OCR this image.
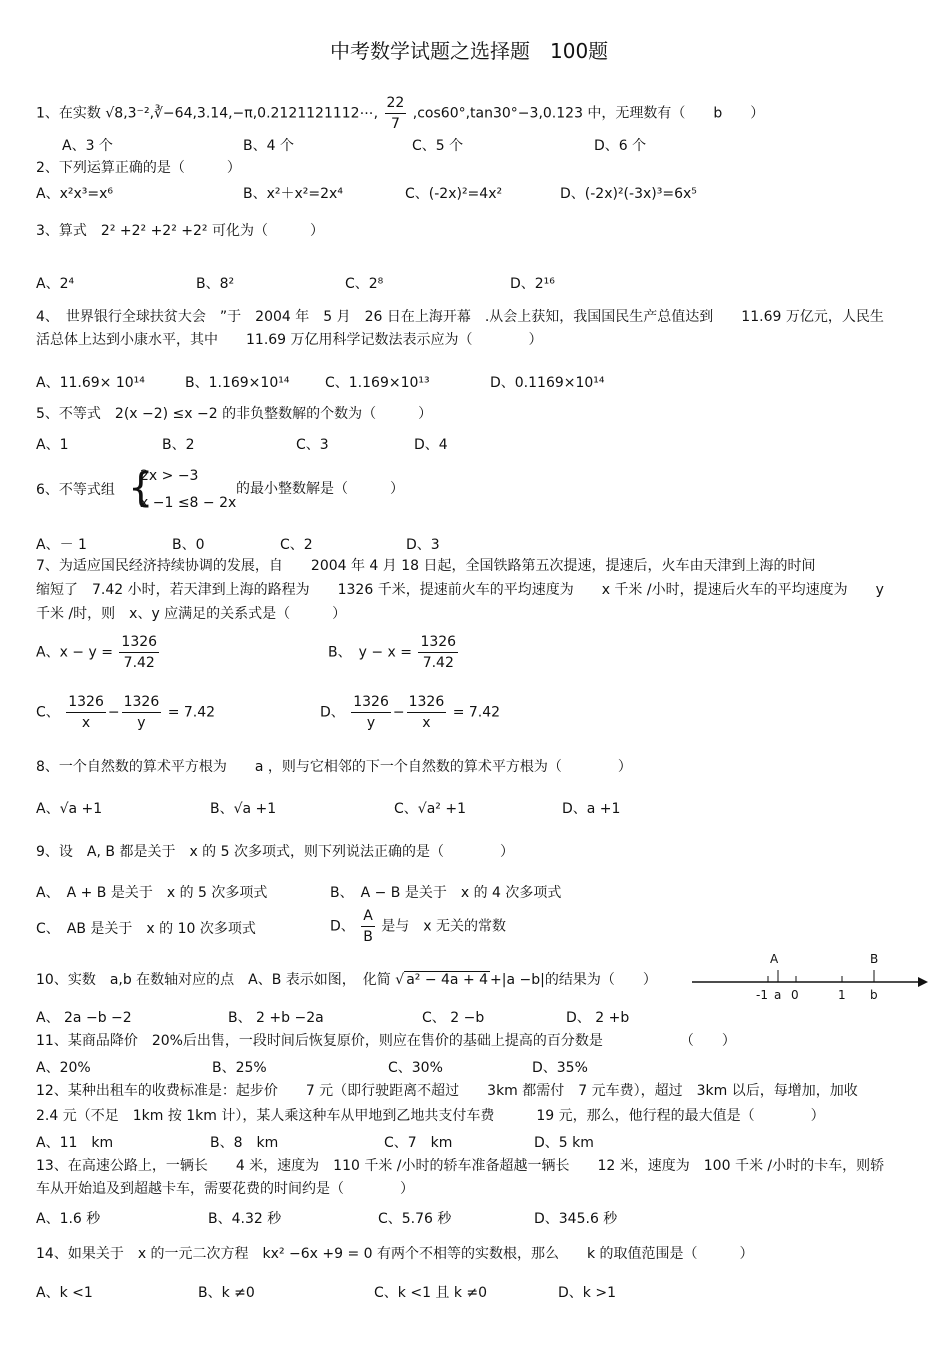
中考数学试题之选择题　100题
1、在实数 √8,3⁻²,∛−64,3.14,−π,0.2121121112⋯, $\frac{22}{7} ,\cos 60^\circ,\tan 30^\circ-3,0.123$ 中，无理数有（　　b　　）
A、3 个	B、4 个	C、5 个	D、6 个
2、下列运算正确的是（　　　）
A、x²x³=x⁶	B、x²＋x²=2x⁴	C、(-2x)²=4x²	D、(-2x)²(-3x)³=6x⁵
3、算式　2² +2² +2² +2² 可化为（　　　）
A、2⁴	B、8²	C、2⁸	D、2¹⁶
4、　世界银行全球扶贫大会　”于　2004 年　5 月　26 日在上海开幕　.从会上获知，我国国民生产总值达到　　11.69 万亿元，人民生
活总体上达到小康水平，其中　　11.69 万亿用科学记数法表示应为（　　　　）
A、11.69× 10¹⁴	B、1.169×10¹⁴	C、1.169×10¹³	D、0.1169×10¹⁴
5、不等式　2(x −2) ≤x −2 的非负整数解的个数为（　　　）
A、1	B、2	C、3	D、4
6、不等式组 {
2x > −3
x −1 ≤8 − 2x
的最小整数解是（　　　）
A、－ 1	B、0	C、2	D、3
7、为适应国民经济持续协调的发展，自　　2004 年 4 月 18 日起，全国铁路第五次提速，提速后，火车由天津到上海的时间
缩短了　7.42 小时，若天津到上海的路程为　　1326 千米，提速前火车的平均速度为　　x 千米 /小时，提速后火车的平均速度为　　y
千米 /时，则　x、y 应满足的关系式是（　　　）
A、$x - y = \frac{1326}{7.42}$	B、　$y - x = \frac{1326}{7.42}$
C、 $\frac{1326}{x} - \frac{1326}{y} = 7.42$	D、 $\frac{1326}{y} - \frac{1326}{x} = 7.42$
8、一个自然数的算术平方根为　　a ，则与它相邻的下一个自然数的算术平方根为（　　　　）
A、√a +1	B、√a +1	C、√a² +1	D、a +1
9、设　A, B 都是关于　x 的 5 次多项式，则下列说法正确的是（　　　　）
A、　A + B 是关于　x 的 5 次多项式	B、　A − B 是关于　x 的 4 次多项式
C、　AB 是关于　x 的 10 次多项式	D、 $\frac{A}{B}$ 是与　x 无关的常数
10、实数　a,b 在数轴对应的点　A、B 表示如图，　化简 √ a² − 4a + 4 +|a −b|的结果为（　　）
A	B
-1 a 0	1 b
A、 2a −b −2	B、 2 +b −2a	C、 2 −b	D、 2 +b
11、某商品降价　20%后出售，一段时间后恢复原价，则应在售价的基础上提高的百分数是　　　　　　（　　）
A、20%	B、25%	C、30%	D、35%
12、某种出租车的收费标准是：起步价　　7 元（即行驶距离不超过　　3km 都需付　7 元车费），超过　3km 以后，每增加，加收
2.4 元（不足　1km 按 1km 计），某人乘这种车从甲地到乙地共支付车费　　　19 元，那么，他行程的最大值是（　　　　）
A、11　km	B、8　km	C、7　km	D、5 km
13、在高速公路上，一辆长　　4 米，速度为　110 千米 /小时的轿车准备超越一辆长　　12 米，速度为　100 千米 /小时的卡车，则轿
车从开始追及到超越卡车，需要花费的时间约是（　　　　）
A、1.6 秒	B、4.32 秒	C、5.76 秒	D、345.6 秒
14、如果关于　x 的一元二次方程　kx² −6x +9 = 0 有两个不相等的实数根，那么　　k 的取值范围是（　　　）
A、k <1	B、k ≠0	C、k <1 且 k ≠0	D、k >1
